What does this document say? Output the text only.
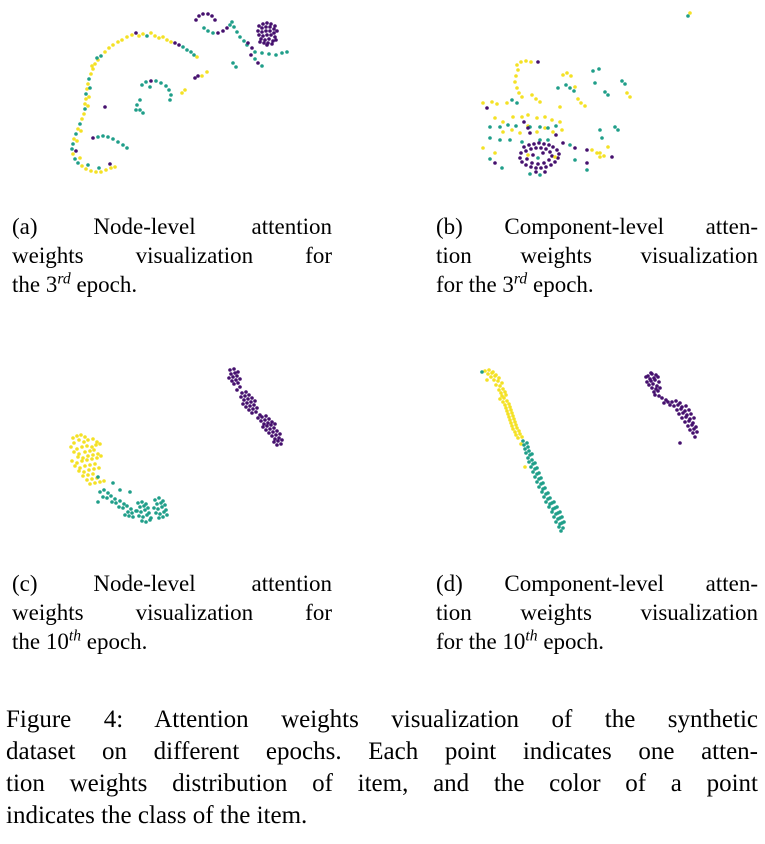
(a) Node-level attention
weights visualization for
the 3rd epoch.
(b) Component-level atten-
tion weights visualization
for the 3rd epoch.
(c) Node-level attention
weights visualization for
the 10th epoch.
(d) Component-level atten-
tion weights visualization
for the 10th epoch.
Figure 4: Attention weights visualization of the synthetic
dataset on different epochs. Each point indicates one atten-
tion weights distribution of item, and the color of a point
indicates the class of the item.
